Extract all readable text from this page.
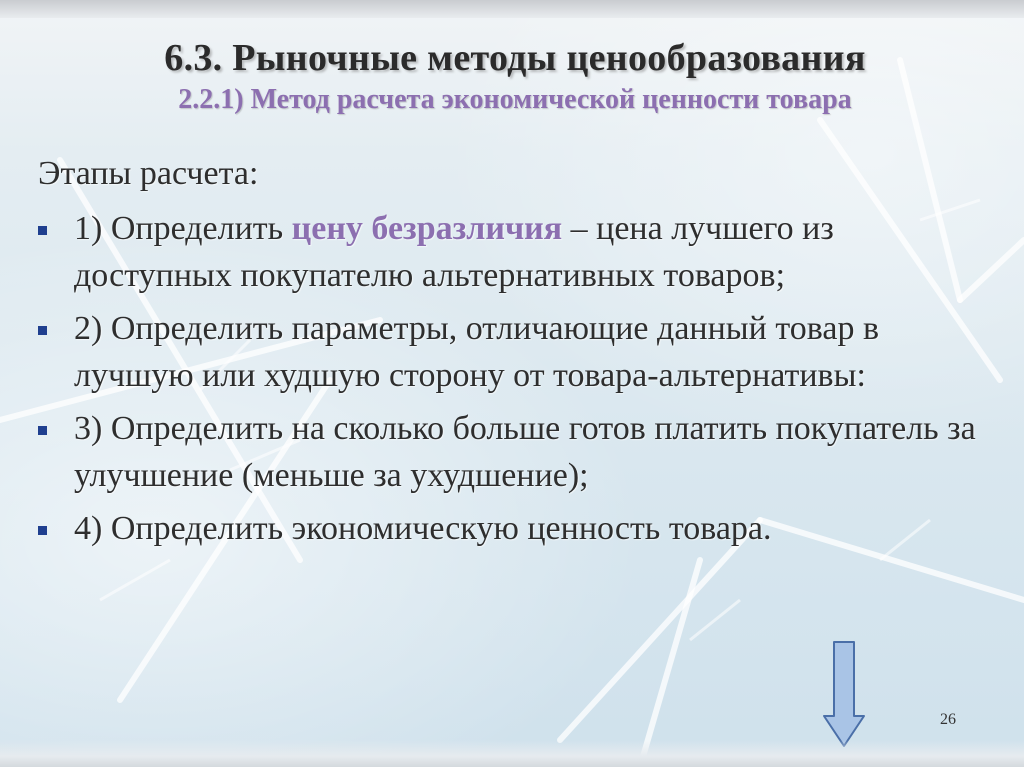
6.3. Рыночные методы ценообразования
2.2.1) Метод расчета экономической ценности товара
Этапы расчета:
1) Определить цену безразличия – цена лучшего из доступных покупателю альтернативных товаров;
2) Определить параметры, отличающие данный товар в лучшую или худшую сторону от товара-альтернативы:
3) Определить на сколько больше готов платить покупатель за улучшение (меньше за ухудшение);
4) Определить экономическую ценность товара.
26
